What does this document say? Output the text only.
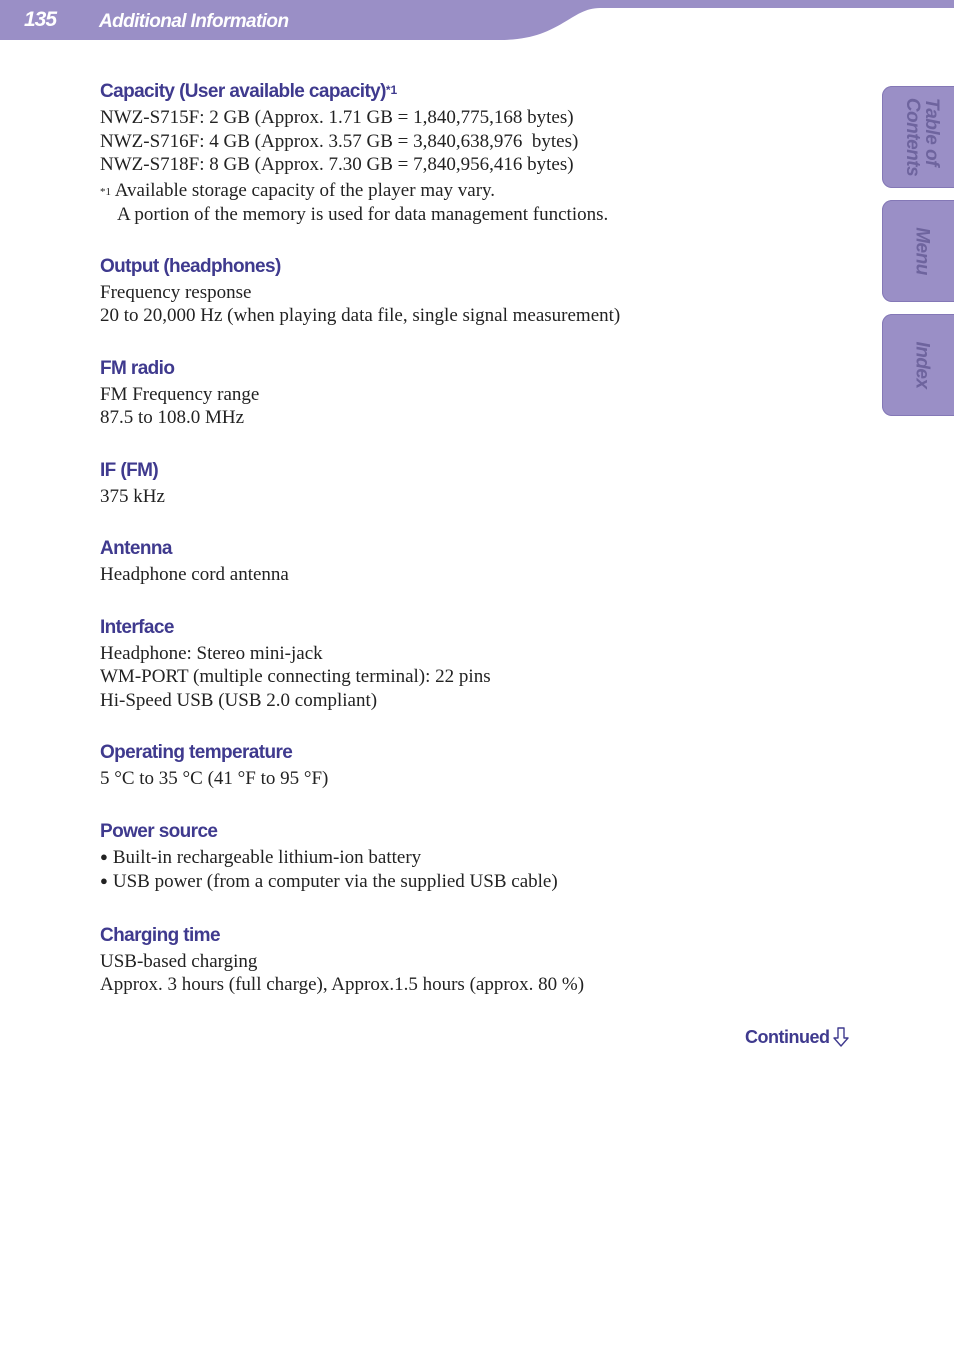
135 Additional Information
Table of
Contents
Menu
Index
Capacity (User available capacity)$^{*1}$
NWZ-S715F: 2 GB (Approx. 1.71 GB = 1,840,775,168 bytes)
NWZ-S716F: 4 GB (Approx. 3.57 GB = 3,840,638,976  bytes)
NWZ-S718F: 8 GB (Approx. 7.30 GB = 7,840,956,416 bytes)
$^{*1}$ Available storage capacity of the player may vary.
A portion of the memory is used for data management functions.
Output (headphones)
Frequency response
20 to 20,000 Hz (when playing data file, single signal measurement)
FM radio
FM Frequency range
87.5 to 108.0 MHz
IF (FM)
375 kHz
Antenna
Headphone cord antenna
Interface
Headphone: Stereo mini-jack
WM-PORT (multiple connecting terminal): 22 pins
Hi-Speed USB (USB 2.0 compliant)
Operating temperature
5 °C to 35 °C (41 °F to 95 °F)
Power source
● Built-in rechargeable lithium-ion battery
● USB power (from a computer via the supplied USB cable)
Charging time
USB-based charging
Approx. 3 hours (full charge), Approx.1.5 hours (approx. 80 %)
Continued
